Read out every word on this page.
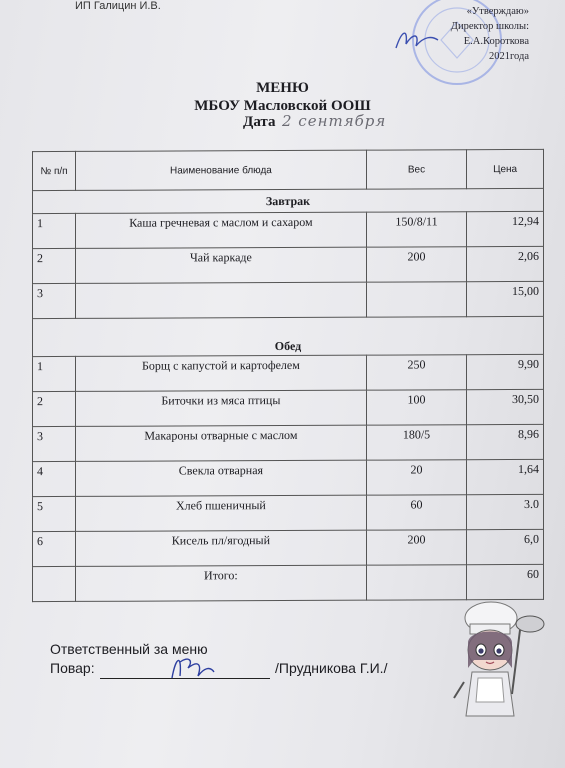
ИП Галицин И.В.	«Утверждаю»
Директор школы:
Е.А.Короткова
2021года
МЕНЮ
МБОУ Масловской ООШ
Дата 2 сентября
№ п/п	Наименование блюда	Вес	Цена
Завтрак			
1	Каша гречневая с маслом и сахаром	150/8/11	12,94
2	Чай каркаде	200	2,06
3			15,00
Обед			
1	Борщ с капустой и картофелем	250	9,90
2	Биточки из мяса птицы	100	30,50
3	Макароны отварные с маслом	180/5	8,96
4	Свекла отварная	20	1,64
5	Хлеб пшеничный	60	3.0
6	Кисель пл/ягодный	200	6,0
	Итого:		60
Ответственный за меню
Повар:	/Прудникова Г.И./
